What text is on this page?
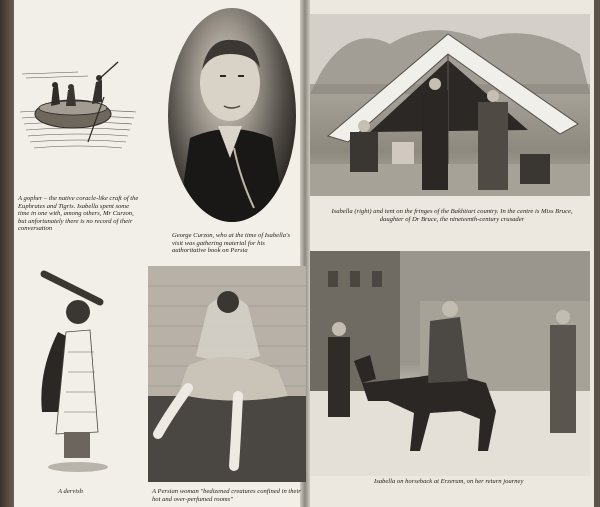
A gopher – the native coracle-like craft of the Euphrates and Tigris. Isabella spent some time in one with, among others, Mr Curzon, but unfortunately there is no record of their conversation
George Curzon, who at the time of Isabella's visit was gathering material for his authoritative book on Persia
Isabella (right) and tent on the fringes of the Bakhtiari country. In the centre is Miss Bruce, daughter of Dr Bruce, the nineteenth-century crusader
A dervish	A Persian woman "bedizened creatures confined in their hot and over-perfumed rooms"
Isabella on horseback at Erzerum, on her return journey
